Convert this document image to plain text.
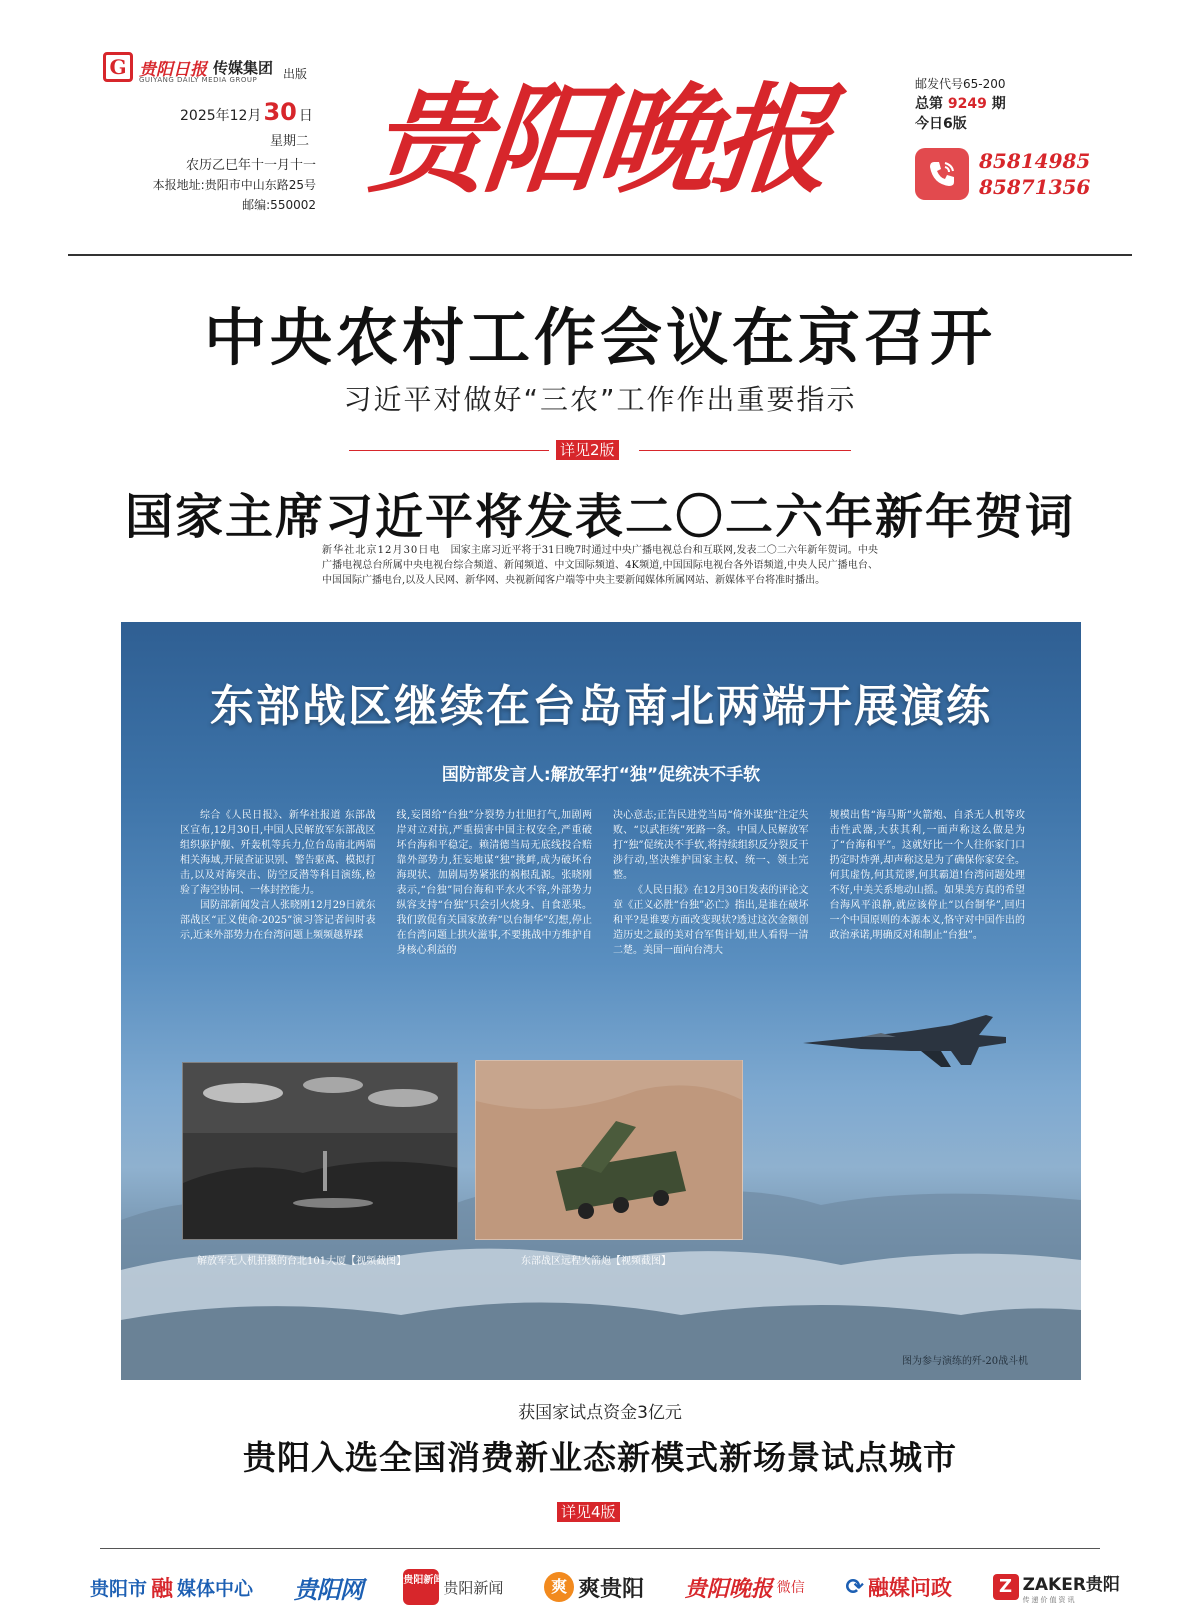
G 贵阳日报 传媒集团
GUIYANG DAILY MEDIA GROUP 出版
2025年12月 30 日
星期二
农历乙巳年十一月十一
本报地址:贵阳市中山东路25号
邮编:550002 贵阳晚报	邮发代号65-200
总第 9249 期
今日6版
85814985
85871356
中央农村工作会议在京召开
习近平对做好“三农”工作作出重要指示
详见2版
国家主席习近平将发表二〇二六年新年贺词
新华社北京12月30日电 国家主席习近平将于31日晚7时通过中央广播电视总台和互联网,发表二〇二六年新年贺词。中央广播电视总台所属中央电视台综合频道、新闻频道、中文国际频道、4K频道,中国国际电视台各外语频道,中央人民广播电台、中国国际广播电台,以及人民网、新华网、央视新闻客户端等中央主要新闻媒体所属网站、新媒体平台将准时播出。
东部战区继续在台岛南北两端开展演练
国防部发言人:解放军打“独”促统决不手软

综合《人民日报》、新华社报道 东部战区宣布,12月30日,中国人民解放军东部战区组织驱护舰、歼轰机等兵力,位台岛南北两端相关海域,开展查证识别、警告驱离、模拟打击,以及对海突击、防空反潜等科目演练,检验了海空协同、一体封控能力。

国防部新闻发言人张晓刚12月29日就东部战区“正义使命-2025”演习答记者问时表示,近来外部势力在台湾问题上频频越界踩

线,妄图给“台独”分裂势力壮胆打气,加剧两岸对立对抗,严重损害中国主权安全,严重破坏台海和平稳定。赖清德当局无底线投合赔靠外部势力,狂妄地谋“独”挑衅,成为破坏台海现状、加剧局势紧张的祸根乱源。张晓刚表示,“台独”同台海和平水火不容,外部势力纵容支持“台独”只会引火烧身、自食恶果。我们敦促有关国家放弃“以台制华”幻想,停止在台湾问题上拱火滋事,不要挑战中方维护自身核心利益的

决心意志;正告民进党当局“倚外谋独”注定失败、“以武拒统”死路一条。中国人民解放军打“独”促统决不手软,将持续组织反分裂反干涉行动,坚决维护国家主权、统一、领土完整。

《人民日报》在12月30日发表的评论文章《正义必胜“台独”必亡》指出,是谁在破坏和平?是谁要方面改变现状?透过这次金额创造历史之最的美对台军售计划,世人看得一清二楚。美国一面向台湾大

规模出售“海马斯”火箭炮、自杀无人机等攻击性武器,大获其利,一面声称这么做是为了“台海和平”。这就好比一个人往你家门口扔定时炸弹,却声称这是为了确保你家安全。何其虚伪,何其荒谬,何其霸道!台湾问题处理不好,中美关系地动山摇。如果美方真的希望台海风平浪静,就应该停止“以台制华”,回归一个中国原则的本源本义,恪守对中国作出的政治承诺,明确反对和制止“台独”。

解放军无人机拍摄的台北101大厦【视频截图】	东部战区远程火箭炮【视频截图】
图为参与演练的歼-20战斗机
获国家试点资金3亿元
贵阳入选全国消费新业态新模式新场景试点城市
详见4版
贵阳市 融 媒体中心 贵阳网	贵阳新闻 贵阳新闻	爽 爽贵阳 贵阳晚报 微信 ⟳ 融媒问政	Z ZAKER贵阳
传递价值资讯
